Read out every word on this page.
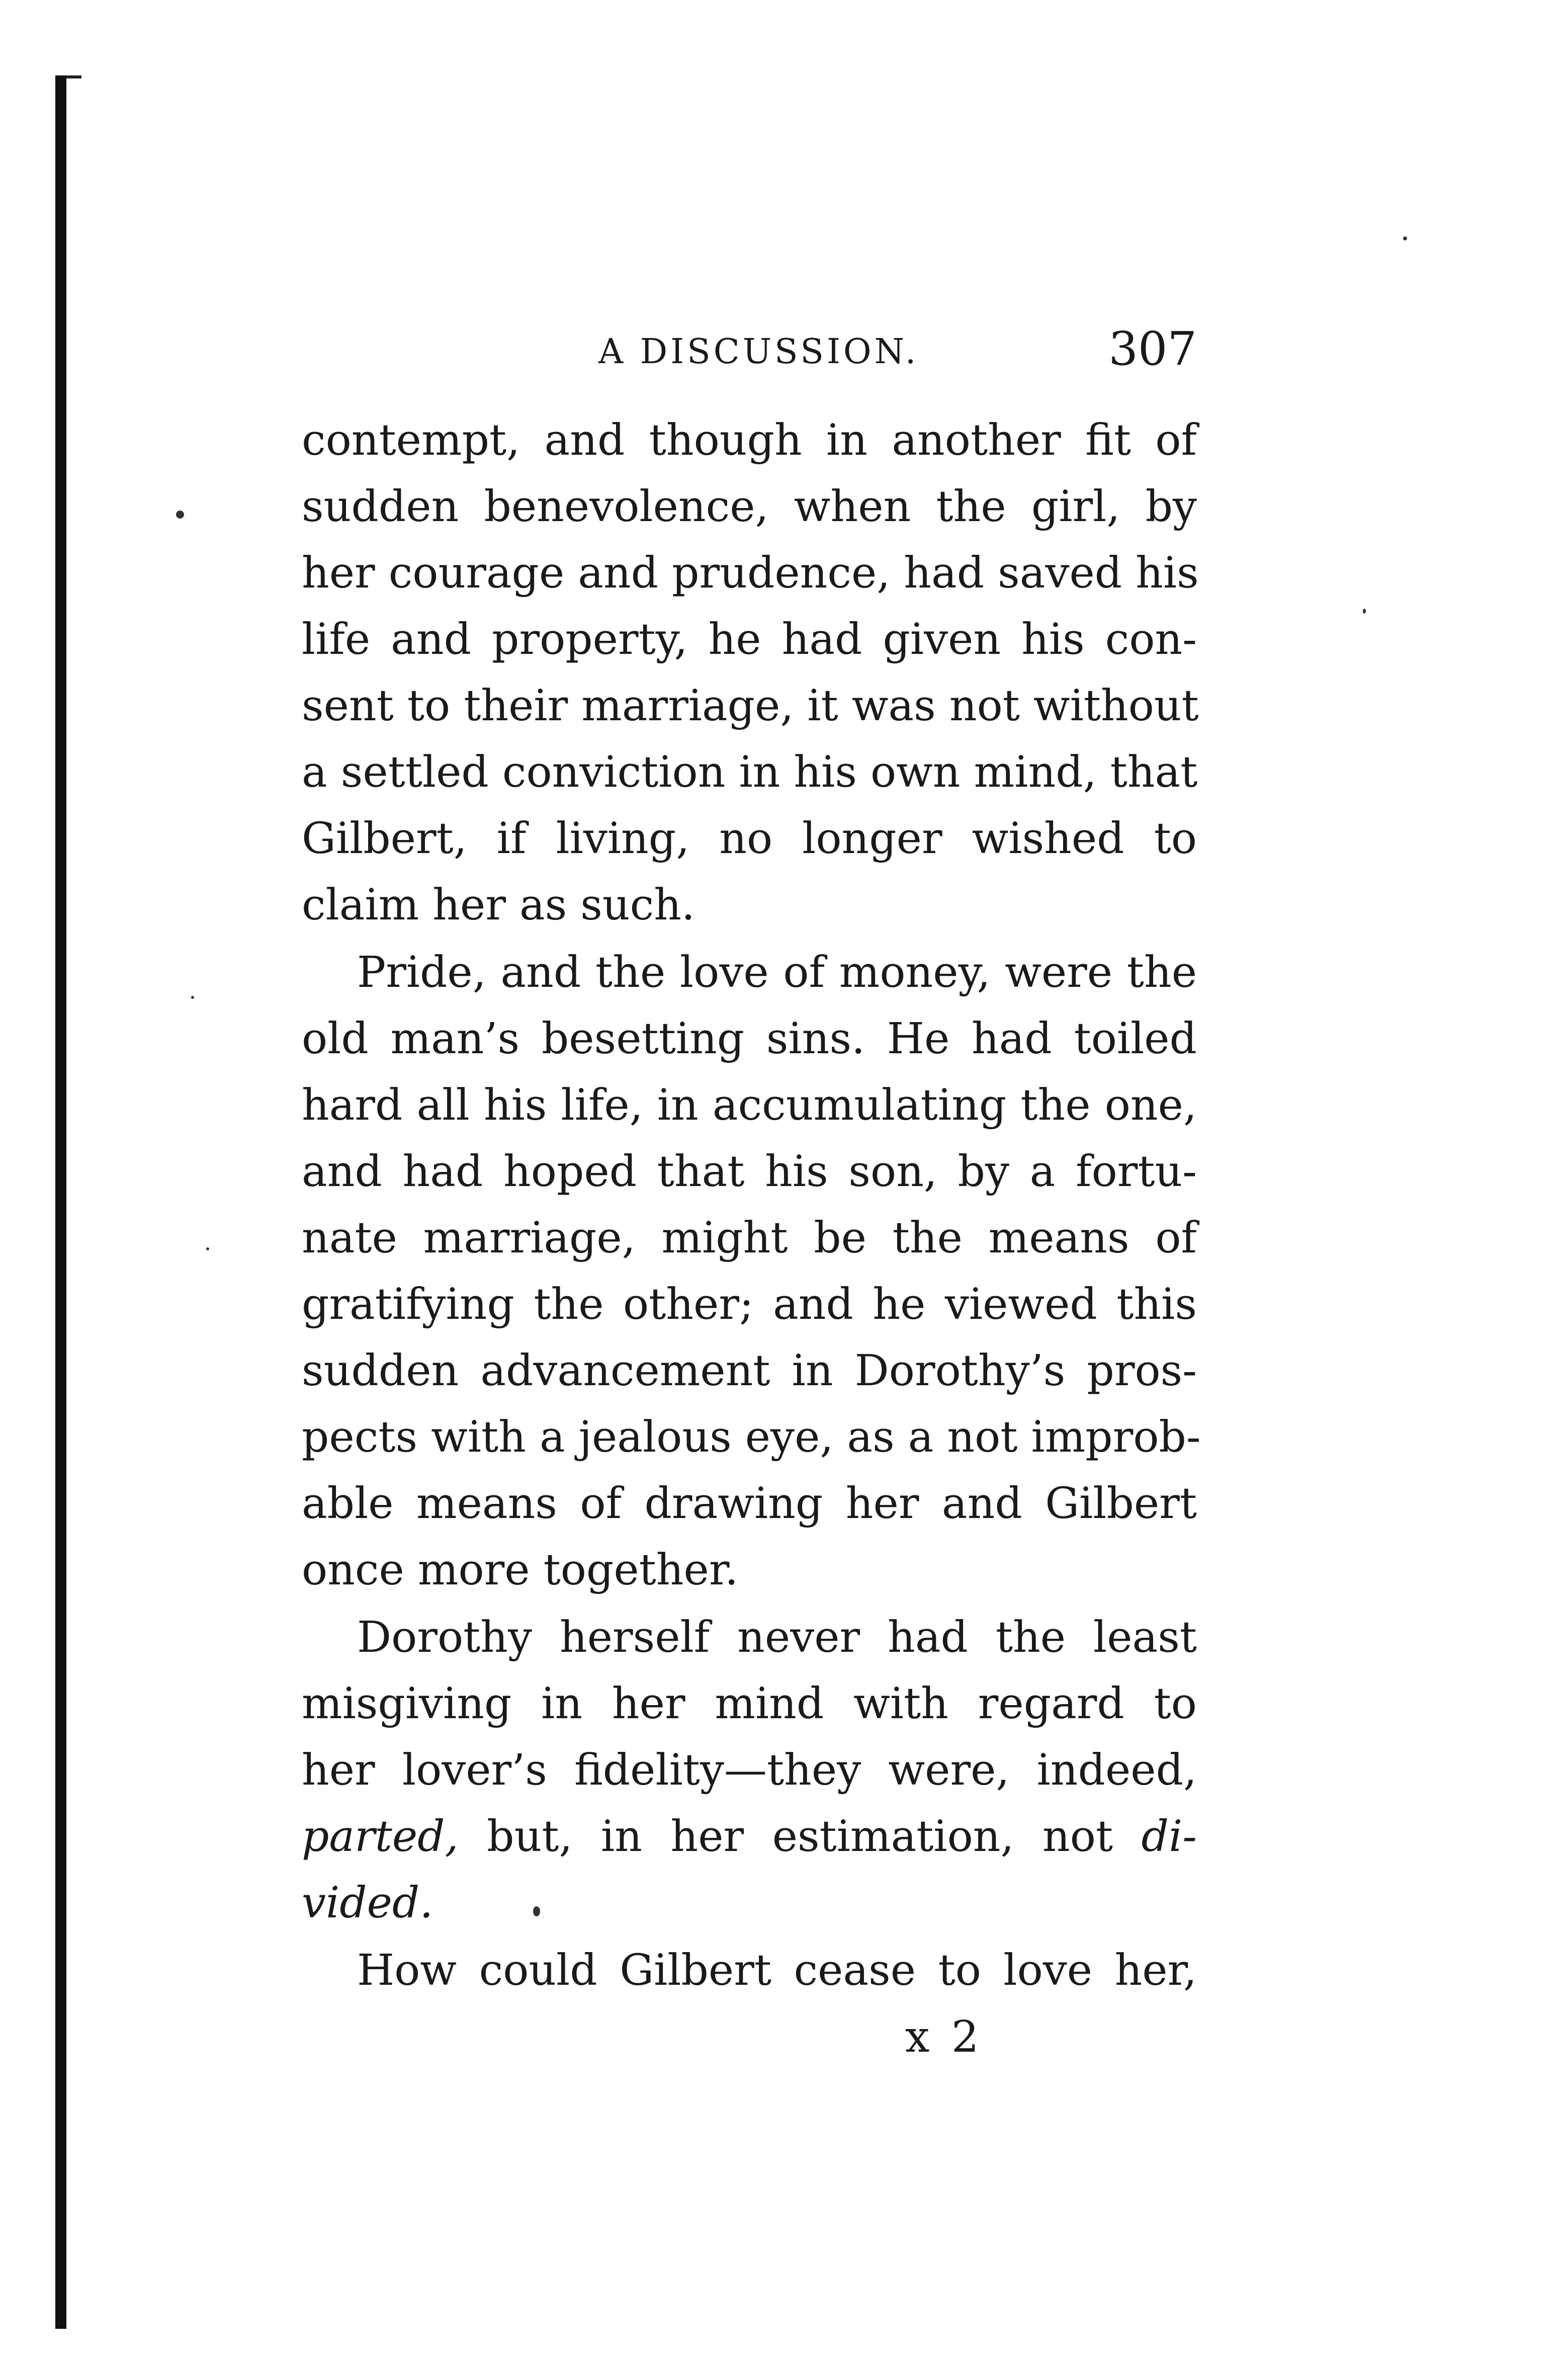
A DISCUSSION.	307
contempt, and though in another fit of
sudden benevolence, when the girl, by
her courage and prudence, had saved his
life and property, he had given his con-
sent to their marriage, it was not without
a settled conviction in his own mind, that
Gilbert, if living, no longer wished to
claim her as such.
Pride, and the love of money, were the
old man’s besetting sins. He had toiled
hard all his life, in accumulating the one,
and had hoped that his son, by a fortu-
nate marriage, might be the means of
gratifying the other; and he viewed this
sudden advancement in Dorothy’s pros-
pects with a jealous eye, as a not improb-
able means of drawing her and Gilbert
once more together.
Dorothy herself never had the least
misgiving in her mind with regard to
her lover’s fidelity—they were, indeed,
parted, but, in her estimation, not di-
vided.
How could Gilbert cease to love her,
x 2
